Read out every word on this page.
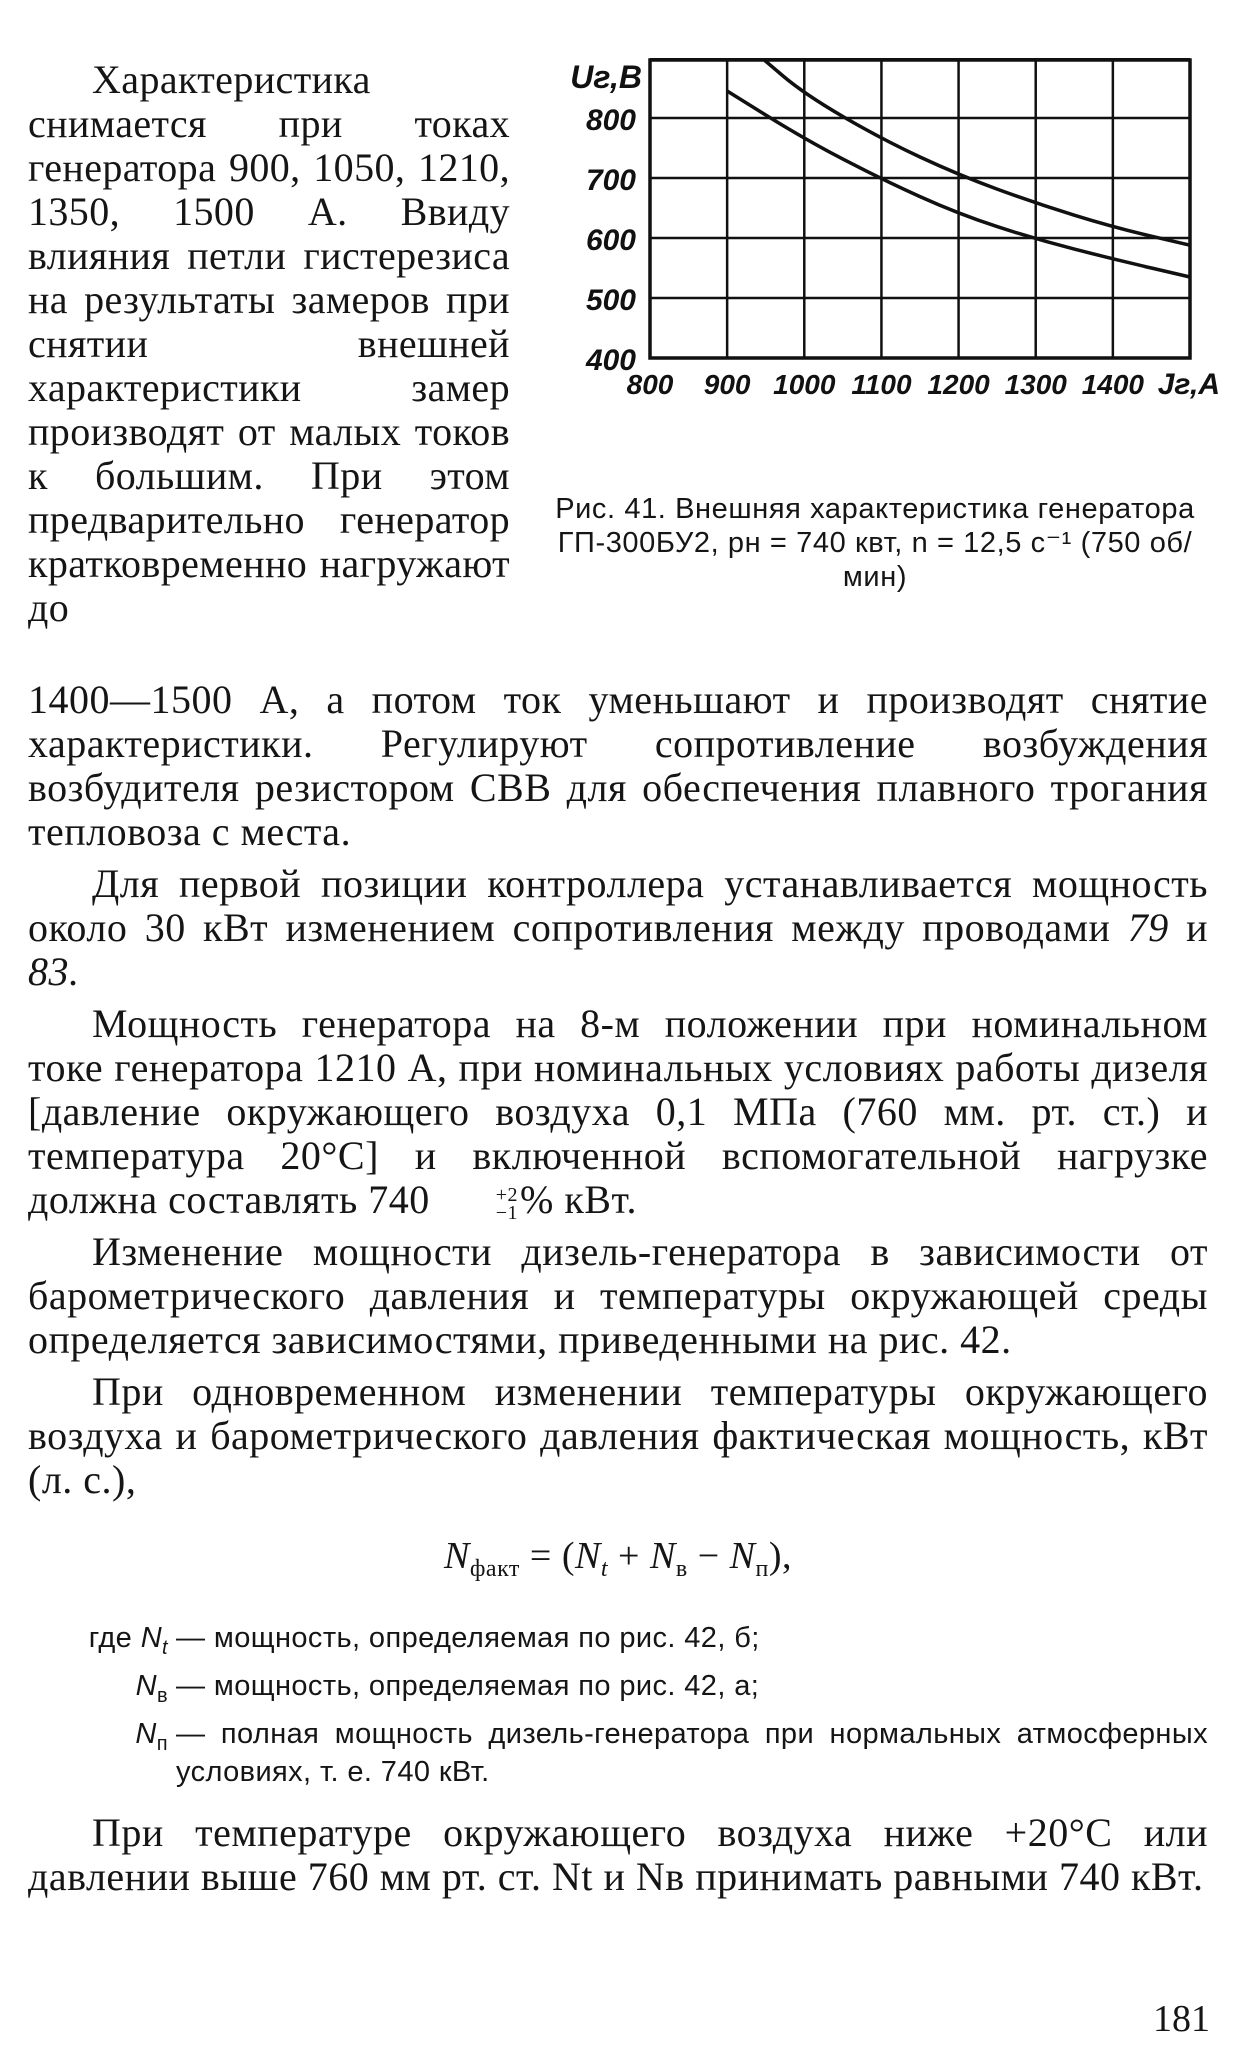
Характеристика снимается при токах генератора 900, 1050, 1210, 1350, 1500 А. Ввиду влияния петли гистерезиса на результаты замеров при снятии внешней характеристики замер производят от малых токов к большим. При этом предварительно генератор кратковременно нагружают до
400
500
600
700
800
800 900 1000 1100 1200 1300 1400
Uг,В
Jг,А
Рис. 41. Внешняя характеристика генератора ГП-300БУ2, pн = 740 квт, n = 12,5 с⁻¹ (750 об/мин)

1400—1500 А, а потом ток уменьшают и производят снятие характеристики. Регулируют сопротивление возбуждения возбудителя резистором СВВ для обеспечения плавного трогания тепловоза с места.

Для первой позиции контроллера устанавливается мощность около 30 кВт изменением сопротивления между проводами 79 и 83.

Мощность генератора на 8-м положении при номинальном токе генератора 1210 А, при номинальных условиях работы дизеля [давление окружающего воздуха 0,1 МПа (760 мм. рт. ст.) и температура 20°С] и включенной вспомогательной нагрузке должна составлять 740	+2
−1 % кВт.

Изменение мощности дизель-генератора в зависимости от барометрического давления и температуры окружающей среды определяется зависимостями, приведенными на рис. 42.

При одновременном изменении температуры окружающего воздуха и барометрического давления фактическая мощность, кВт (л. с.),

$N_{факт} = (N_t + N_в - N_п)$,

где $N_t$ — мощность, определяемая по рис. 42, б;
$N_в$ — мощность, определяемая по рис. 42, а;
$N_п$ — полная мощность дизель-генератора при нормальных атмосферных условиях, т. е. 740 кВт.

При температуре окружающего воздуха ниже +20°С или давлении выше 760 мм рт. ст. Nt и Nв принимать равными 740 кВт.

181
